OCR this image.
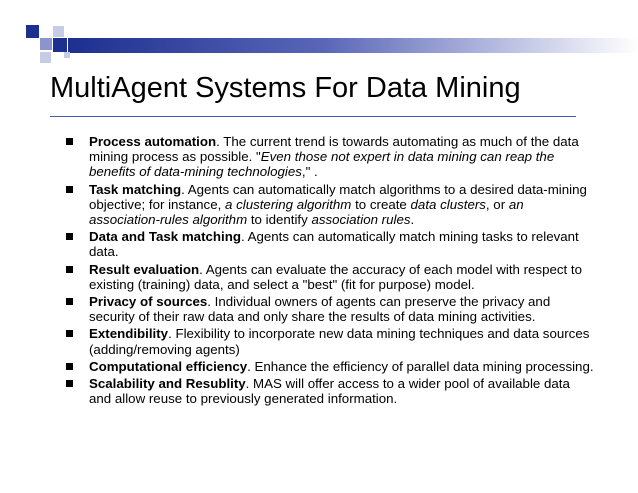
MultiAgent Systems For Data Mining
Process automation. The current trend is towards automating as much of the data mining process as possible. "Even those not expert in data mining can reap the benefits of data-mining technologies," .
Task matching. Agents can automatically match algorithms to a desired data-mining objective; for instance, a clustering algorithm to create data clusters, or an association-rules algorithm to identify association rules.
Data and Task matching. Agents can automatically match mining tasks to relevant data.
Result evaluation. Agents can evaluate the accuracy of each model with respect to existing (training) data, and select a "best" (fit for purpose) model.
Privacy of sources. Individual owners of agents can preserve the privacy and security of their raw data and only share the results of data mining activities.
Extendibility. Flexibility to incorporate new data mining techniques and data sources (adding/removing agents)
Computational efficiency. Enhance the efficiency of parallel data mining processing.
Scalability and Resublity. MAS will offer access to a wider pool of available data and allow reuse to previously generated information.
